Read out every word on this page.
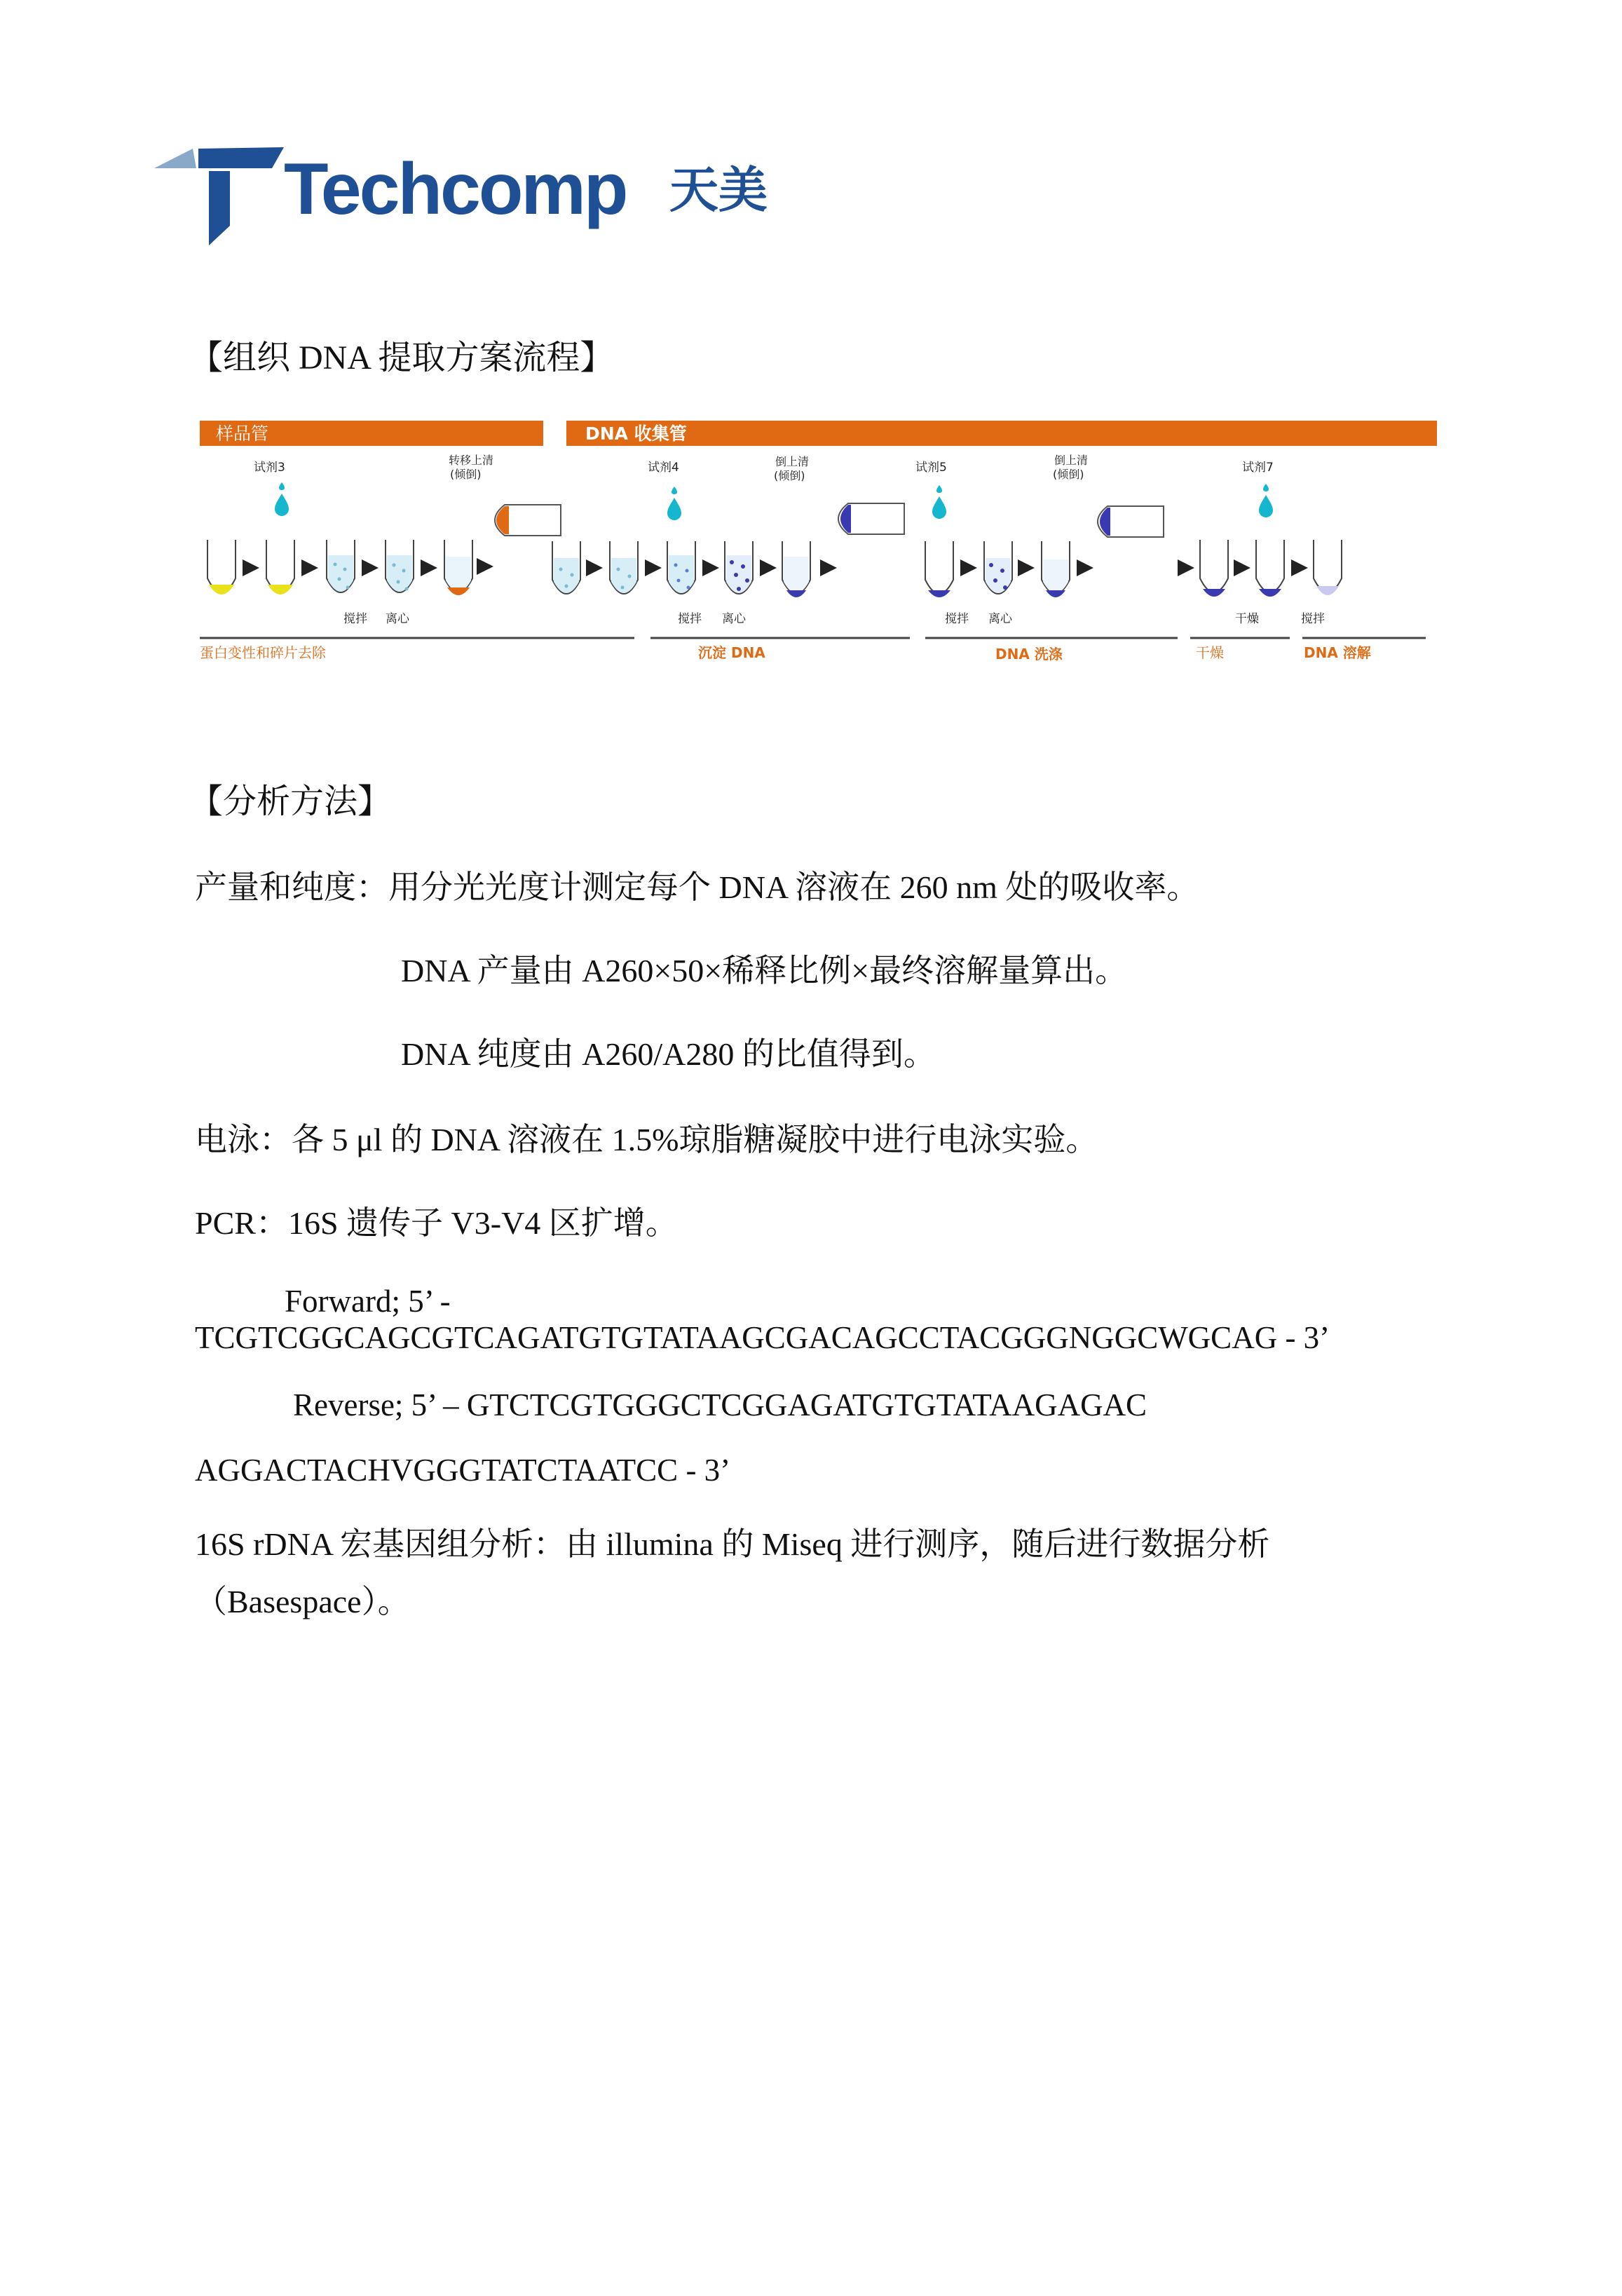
Techcomp 天美
【组织 DNA 提取方案流程】
样品管	DNA 收集管
试剂3	试剂4	试剂5	试剂7
转移上清
(倾倒)
倒上清
(倾倒)
倒上清
(倾倒)
搅拌 离心	搅拌 离心	搅拌 离心	干燥	搅拌
蛋白变性和碎片去除	沉淀 DNA	DNA 洗涤	干燥	DNA 溶解
【分析方法】
产量和纯度：用分光光度计测定每个 DNA 溶液在 260 nm 处的吸收率。
DNA 产量由 A260×50×稀释比例×最终溶解量算出。
DNA 纯度由 A260/A280 的比值得到。
电泳：各 5 μl 的 DNA 溶液在 1.5%琼脂糖凝胶中进行电泳实验。
PCR：16S 遗传子 V3-V4 区扩增。
Forward; 5’ -
TCGTCGGCAGCGTCAGATGTGTATAAGCGACAGCCTACGGGNGGCWGCAG - 3’
Reverse; 5’ – GTCTCGTGGGCTCGGAGATGTGTATAAGAGAC
AGGACTACHVGGGTATCTAATCC - 3’
16S rDNA 宏基因组分析：由 illumina 的 Miseq 进行测序，随后进行数据分析
（Basespace）。
